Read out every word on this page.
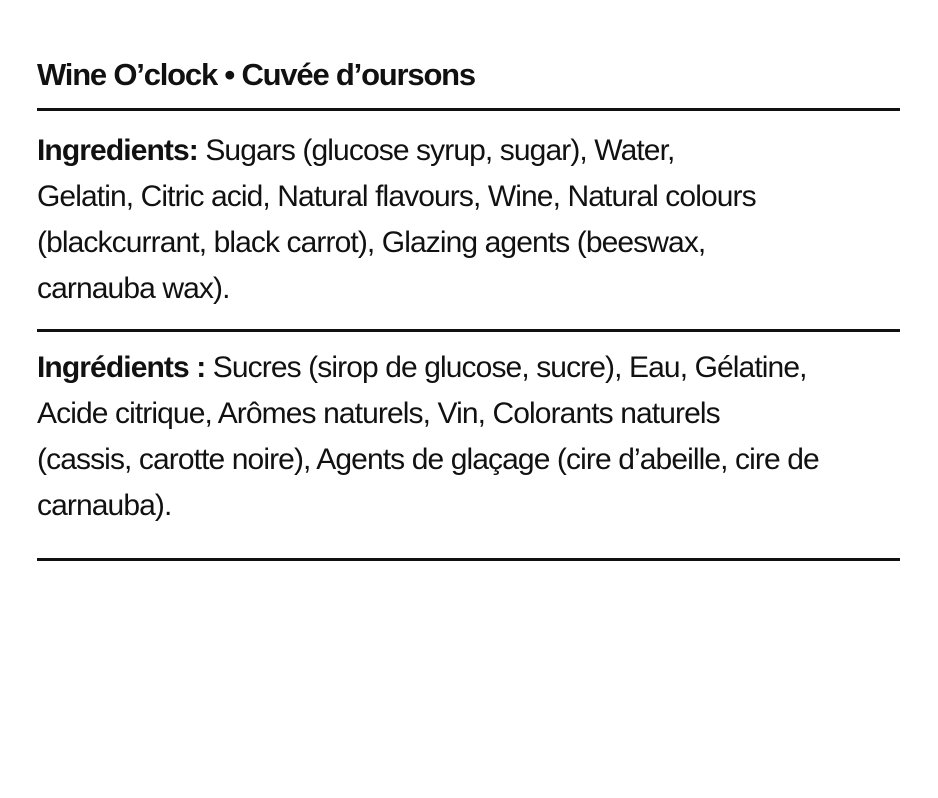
Wine O’clock • Cuvée d’oursons
Ingredients: Sugars (glucose syrup, sugar), Water,
Gelatin, Citric acid, Natural flavours, Wine, Natural colours
(blackcurrant, black carrot), Glazing agents (beeswax,
carnauba wax).
Ingrédients : Sucres (sirop de glucose, sucre), Eau, Gélatine,
Acide citrique, Arômes naturels, Vin, Colorants naturels
(cassis, carotte noire), Agents de glaçage (cire d’abeille, cire de
carnauba).
